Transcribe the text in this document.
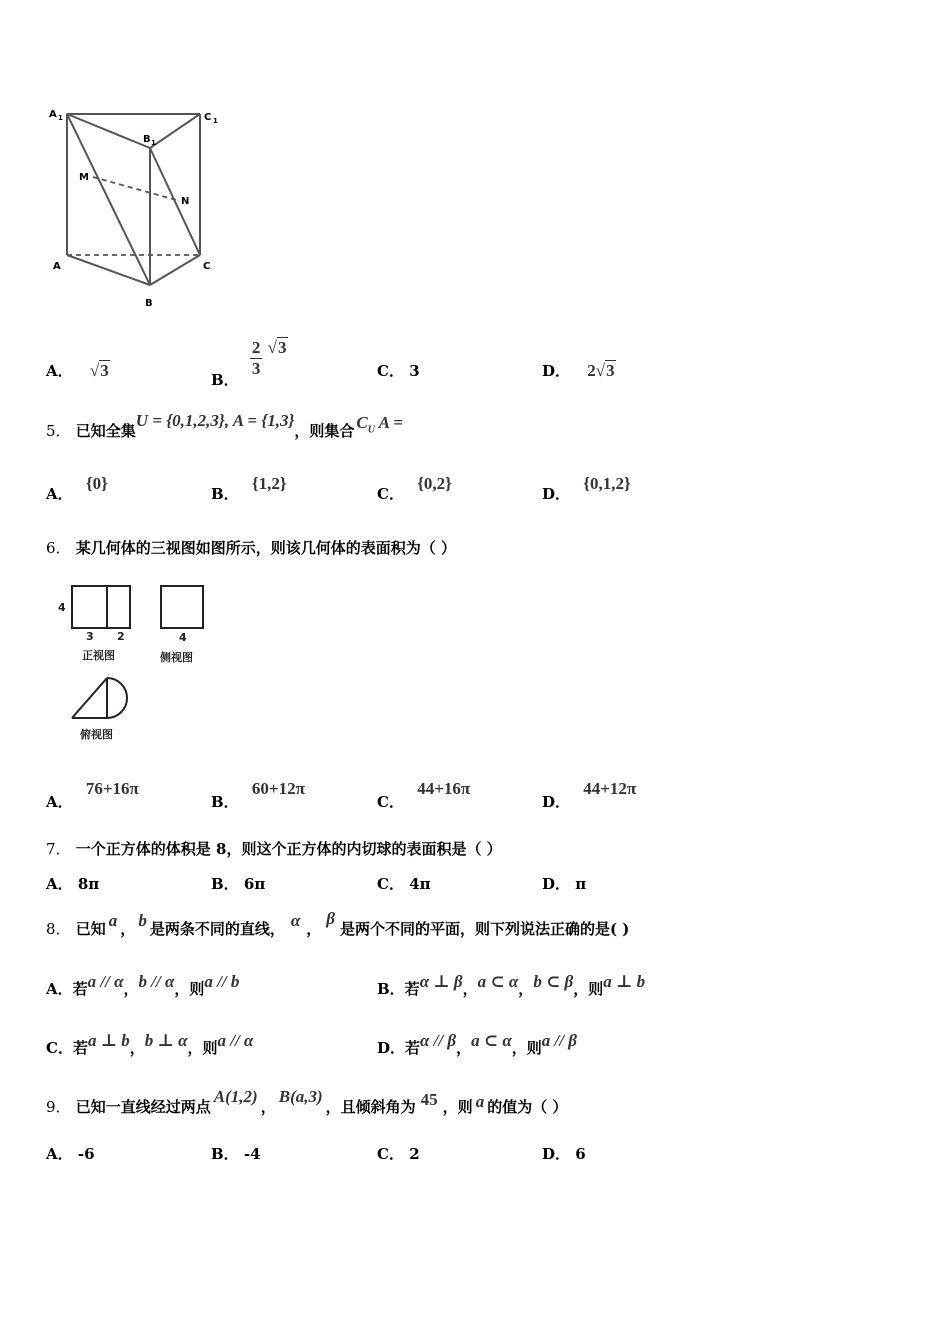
A 1
B 1
C 1
M
N
A
B
C
A． √3	B．
$\frac{2}{3} √3$
C． 3	D． 2√3
5． 已知全集U = {0,1,2,3}, A = {1,3}，则集合 $C_U$ A =
A． {0}
B． {1,2}
C． {0,2}
D． {0,1,2}
6． 某几何体的三视图如图所示，则该几何体的表面积为（ ）
4
3 2	4
正视图	侧视图
俯视图
A． 76+16π
B． 60+12π
C． 44+16π
D． 44+12π
7． 一个正方体的体积是 8，则这个正方体的内切球的表面积是（ ）
A． 8π	B． 6π	C． 4π	D． π
8． 已知 a ， b 是两条不同的直线， α ，β是两个不同的平面，则下列说法正确的是( )
A．若a // α，b // α，则a // b	B．若α ⊥ β，a ⊂ α，b ⊂ β，则a ⊥ b
C．若a ⊥ b，b ⊥ α，则a // α	D．若α // β，a ⊂ α，则a // β
9． 已知一直线经过两点A(1,2)，B(a,3)，且倾斜角为 45 ，则 a 的值为（ ）
A． -6	B． -4	C． 2	D． 6
